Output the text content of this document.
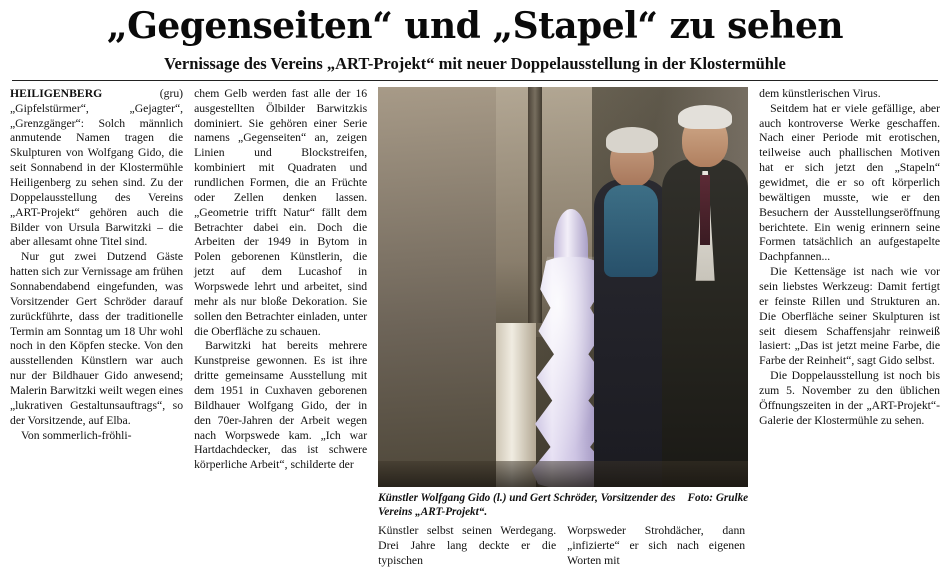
„Gegenseiten“ und „Stapel“ zu sehen
Vernissage des Vereins „ART-Projekt“ mit neuer Doppelausstellung in der Klostermühle

HEILIGENBERG	(gru) „Gipfelstürmer“, „Gejagter“, „Grenzgänger“: Solch männlich anmutende Namen tragen die Skulpturen von Wolfgang Gido, die seit Sonnabend in der Klostermühle Heiligenberg zu sehen sind. Zu der Doppelausstellung des Vereins „ART-Projekt“ gehören auch die Bilder von Ursula Barwitzki – die aber allesamt ohne Titel sind.

Nur gut zwei Dutzend Gäste hatten sich zur Vernissage am frühen Sonnabendabend eingefunden, was Vorsitzender Gert Schröder darauf zurückführte, dass der traditionelle Termin am Sonntag um 18 Uhr wohl noch in den Köpfen stecke. Von den ausstellenden Künstlern war auch nur der Bildhauer Gido anwesend; Malerin Barwitzki weilt wegen eines „lukrativen Gestaltunsauftrags“, so der Vorsitzende, auf Elba.

Von sommerlich-fröhli-

chem Gelb werden fast alle der 16 ausgestellten Ölbilder Barwitzkis dominiert. Sie gehören einer Serie namens „Gegenseiten“ an, zeigen Linien und Blockstreifen, kombiniert mit Quadraten und rundlichen Formen, die an Früchte oder Zellen denken lassen. „Geometrie trifft Natur“ fällt dem Betrachter dabei ein. Doch die Arbeiten der 1949 in Bytom in Polen geborenen Künstlerin, die jetzt auf dem Lucashof in Worpswede lehrt und arbeitet, sind mehr als nur bloße Dekoration. Sie sollen den Betrachter einladen, unter die Oberfläche zu schauen.

Barwitzki hat bereits mehrere Kunstpreise gewonnen. Es ist ihre dritte gemeinsame Ausstellung mit dem 1951 in Cuxhaven geborenen Bildhauer Wolfgang Gido, der in den 70er-Jahren der Arbeit wegen nach Worpswede kam. „Ich war Hartdachdecker, das ist schwere körperliche Arbeit“, schilderte der

Foto: Grulke
Künstler Wolfgang Gido (l.) und Gert Schröder, Vorsitzender des Vereins „ART-Projekt“.

Künstler selbst seinen Werdegang. Drei Jahre lang deckte er die typischen

Worpsweder Strohdächer, dann „infizierte“ er sich nach eigenen Worten mit

dem künstlerischen Virus.

Seitdem hat er viele gefällige, aber auch kontroverse Werke geschaffen. Nach einer Periode mit erotischen, teilweise auch phallischen Motiven hat er sich jetzt den „Stapeln“ gewidmet, die er so oft körperlich bewältigen musste, wie er den Besuchern der Ausstellungseröffnung berichtete. Ein wenig erinnern seine Formen tatsächlich an aufgestapelte Dachpfannen...

Die Kettensäge ist nach wie vor sein liebstes Werkzeug: Damit fertigt er feinste Rillen und Strukturen an. Die Oberfläche seiner Skulpturen ist seit diesem Schaffensjahr reinweiß lasiert: „Das ist jetzt meine Farbe, die Farbe der Reinheit“, sagt Gido selbst.

Die Doppelausstellung ist noch bis zum 5. November zu den üblichen Öffnungszeiten in der „ART-Projekt“-Galerie der Klostermühle zu sehen.
